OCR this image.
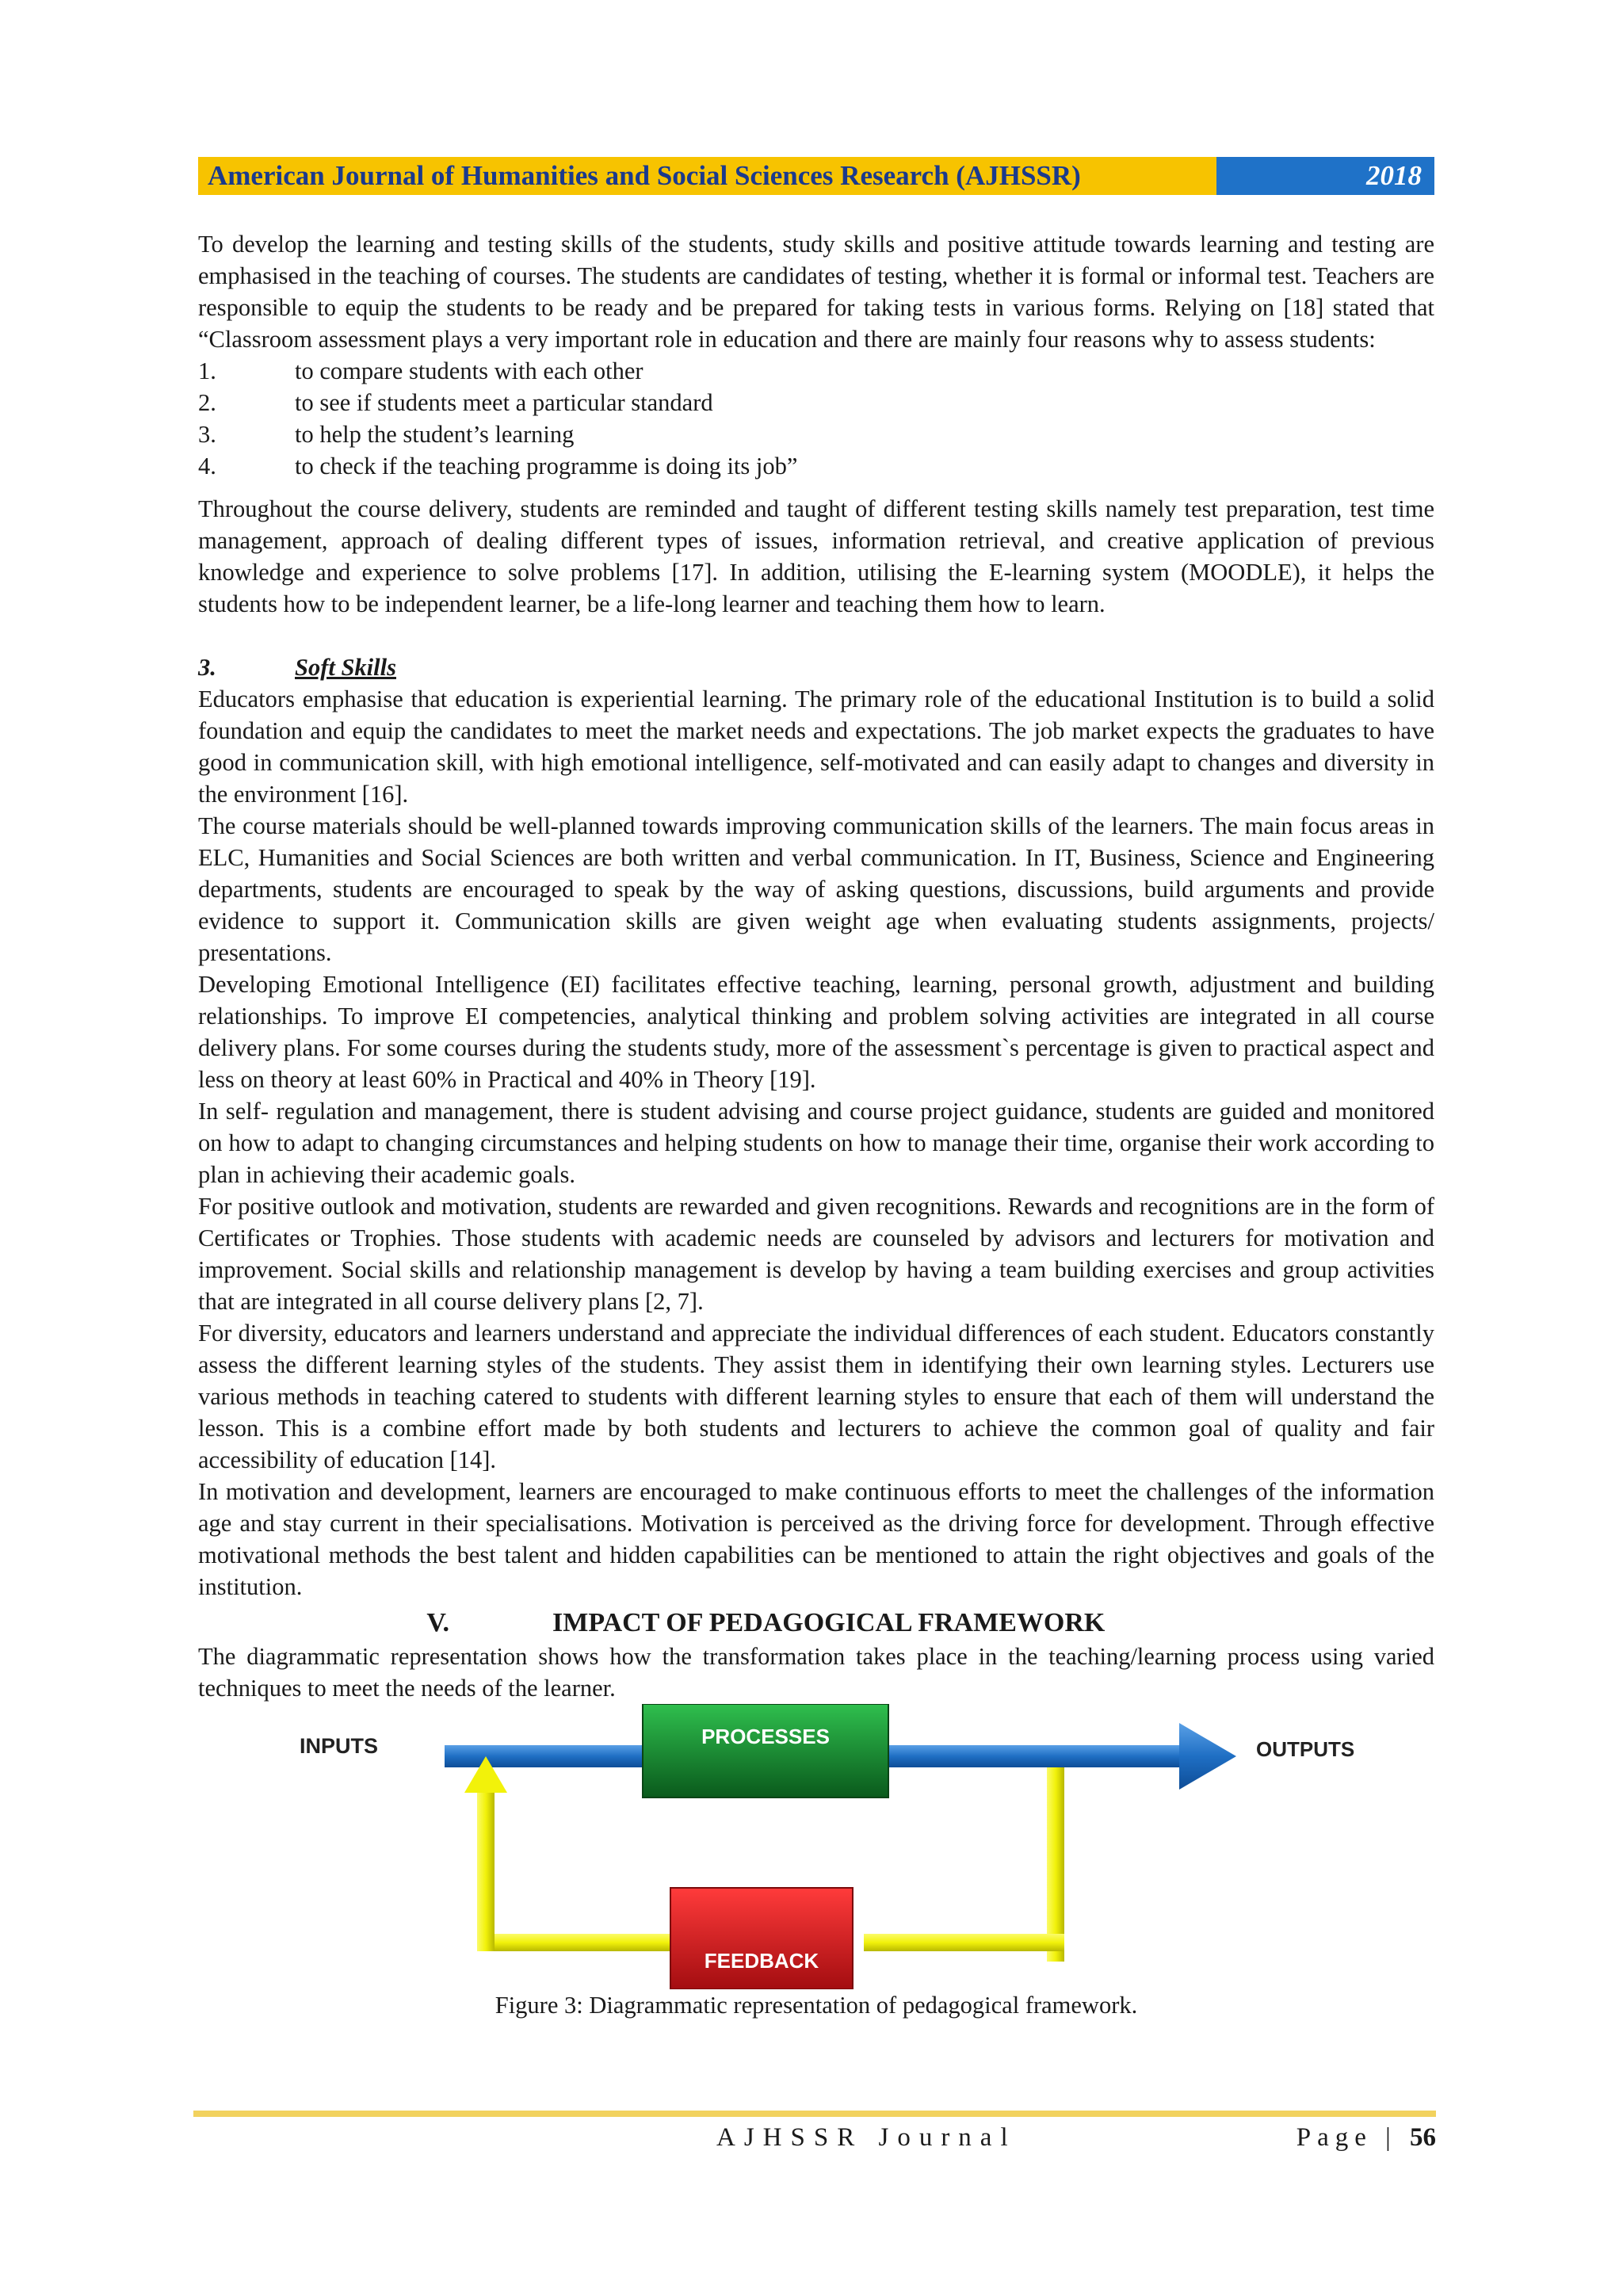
American Journal of Humanities and Social Sciences Research (AJHSSR)	2018

To develop the learning and testing skills of the students, study skills and positive attitude towards learning and testing are emphasised in the teaching of courses. The students are candidates of testing, whether it is formal or informal test. Teachers are responsible to equip the students to be ready and be prepared for taking tests in various forms. Relying on [18] stated that “Classroom assessment plays a very important role in education and there are mainly four reasons why to assess students:

1.	to compare students with each other
2.	to see if students meet a particular standard
3.	to help the student’s learning
4.	to check if the teaching programme is doing its job”

Throughout the course delivery, students are reminded and taught of different testing skills namely test preparation, test time management, approach of dealing different types of issues, information retrieval, and creative application of previous knowledge and experience to solve problems [17]. In addition, utilising the E-learning system (MOODLE), it helps the students how to be independent learner, be a life-long learner and teaching them how to learn.

3.	Soft Skills

Educators emphasise that education is experiential learning. The primary role of the educational Institution is to build a solid foundation and equip the candidates to meet the market needs and expectations. The job market expects the graduates to have good in communication skill, with high emotional intelligence, self-motivated and can easily adapt to changes and diversity in the environment [16].

The course materials should be well-planned towards improving communication skills of the learners. The main focus areas in ELC, Humanities and Social Sciences are both written and verbal communication. In IT, Business, Science and Engineering departments, students are encouraged to speak by the way of asking questions, discussions, build arguments and provide evidence to support it. Communication skills are given weight age when evaluating students assignments, projects/ presentations.

Developing Emotional Intelligence (EI) facilitates effective teaching, learning, personal growth, adjustment and building relationships. To improve EI competencies, analytical thinking and problem solving activities are integrated in all course delivery plans. For some courses during the students study, more of the assessment`s percentage is given to practical aspect and less on theory at least 60% in Practical and 40% in Theory [19].

In self- regulation and management, there is student advising and course project guidance, students are guided and monitored on how to adapt to changing circumstances and helping students on how to manage their time, organise their work according to plan in achieving their academic goals.

For positive outlook and motivation, students are rewarded and given recognitions. Rewards and recognitions are in the form of Certificates or Trophies. Those students with academic needs are counseled by advisors and lecturers for motivation and improvement. Social skills and relationship management is develop by having a team building exercises and group activities that are integrated in all course delivery plans [2, 7].

For diversity, educators and learners understand and appreciate the individual differences of each student. Educators constantly assess the different learning styles of the students. They assist them in identifying their own learning styles. Lecturers use various methods in teaching catered to students with different learning styles to ensure that each of them will understand the lesson. This is a combine effort made by both students and lecturers to achieve the common goal of quality and fair accessibility of education [14].

In motivation and development, learners are encouraged to make continuous efforts to meet the challenges of the information age and stay current in their specialisations. Motivation is perceived as the driving force for development. Through effective motivational methods the best talent and hidden capabilities can be mentioned to attain the right objectives and goals of the institution.

V.	IMPACT OF PEDAGOGICAL FRAMEWORK

The diagrammatic representation shows how the transformation takes place in the teaching/learning process using varied techniques to meet the needs of the learner.

INPUTS	PROCESSES
OUTPUTS
FEEDBACK
Figure 3: Diagrammatic representation of pedagogical framework.
AJHSSR Journal	Page | 56
